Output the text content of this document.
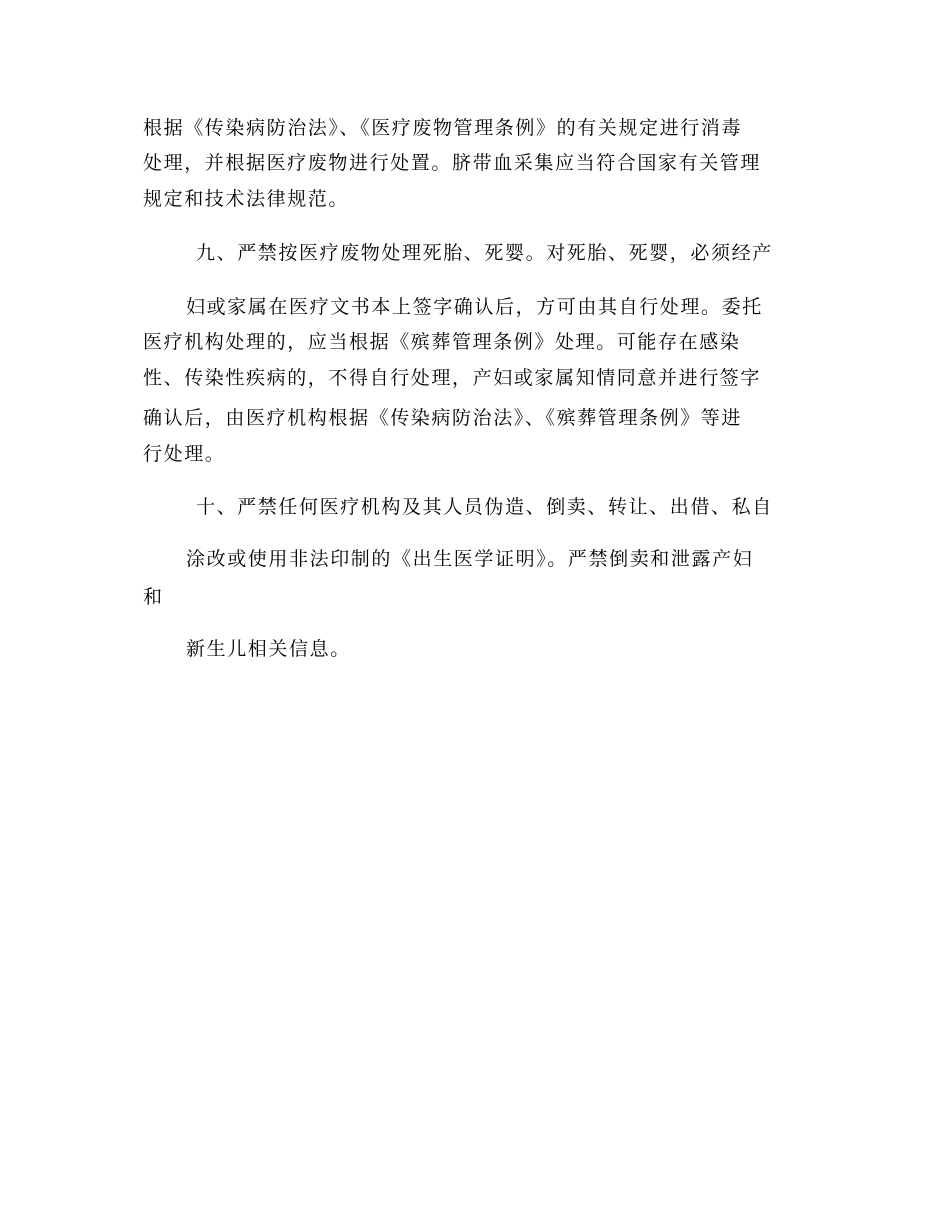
根据《传染病防治法》、《医疗废物管理条例》的有关规定进行消毒
处理，并根据医疗废物进行处置。脐带血采集应当符合国家有关管理
规定和技术法律规范。
九、严禁按医疗废物处理死胎、死婴。对死胎、死婴，必须经产
妇或家属在医疗文书本上签字确认后，方可由其自行处理。委托
医疗机构处理的，应当根据《殡葬管理条例》处理。可能存在感染
性、传染性疾病的，不得自行处理，产妇或家属知情同意并进行签字
确认后，由医疗机构根据《传染病防治法》、《殡葬管理条例》等进
行处理。
十、严禁任何医疗机构及其人员伪造、倒卖、转让、出借、私自
涂改或使用非法印制的《出生医学证明》。严禁倒卖和泄露产妇
和
新生儿相关信息。
